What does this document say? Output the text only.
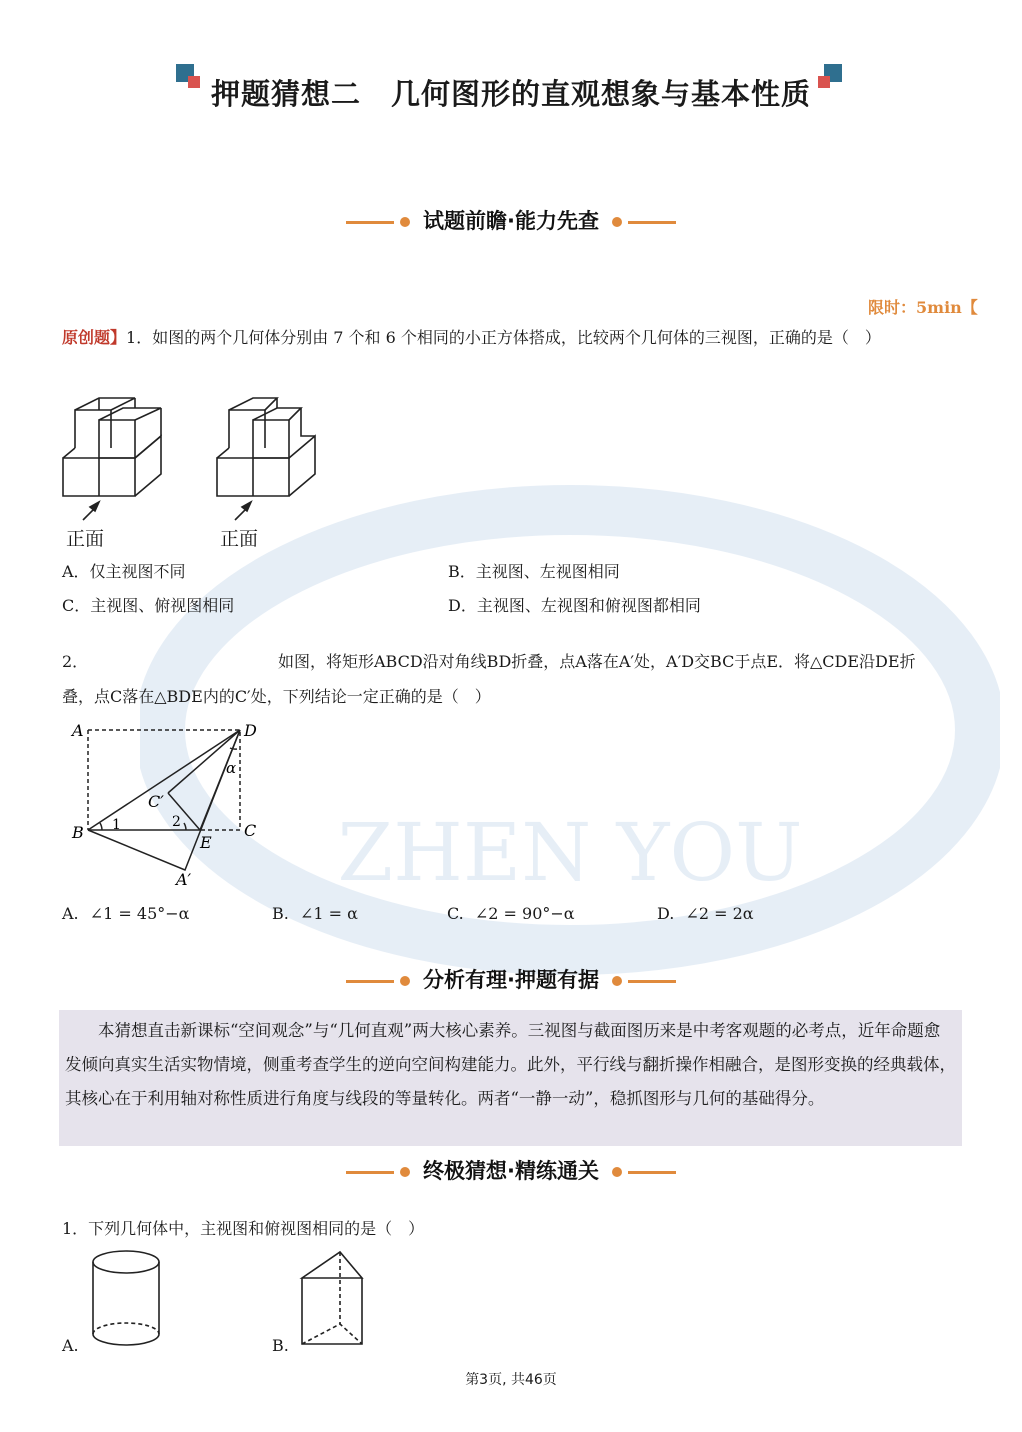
ZHEN YOU
押题猜想二　几何图形的直观想象与基本性质
试题前瞻·能力先查
限时：5min【
原创题】1．如图的两个几何体分别由 7 个和 6 个相同的小正方体搭成，比较两个几何体的三视图，正确的是（　）
正面	正面
A．仅主视图不同	B．主视图、左视图相同
C．主视图、俯视图相同	D．主视图、左视图和俯视图都相同
2．	如图，将矩形ABCD沿对角线BD折叠，点A落在A′处，A′D交BC于点E．将△CDE沿DE折
叠，点C落在△BDE内的C′处，下列结论一定正确的是（　）
A	D
B	C
E
A′
C′
1	2
α
A. ∠1 = 45°−α	B. ∠1 = α	C. ∠2 = 90°−α	D. ∠2 = 2α
分析有理·押题有据

本猜想直击新课标“空间观念”与“几何直观”两大核心素养。三视图与截面图历来是中考客观题的必考点，近年命题愈发倾向真实生活实物情境，侧重考查学生的逆向空间构建能力。此外，平行线与翻折操作相融合，是图形变换的经典载体，其核心在于利用轴对称性质进行角度与线段的等量转化。两者“一静一动”，稳抓图形与几何的基础得分。

终极猜想·精练通关
1．下列几何体中，主视图和俯视图相同的是（　）
A.	B.
第3页, 共46页
